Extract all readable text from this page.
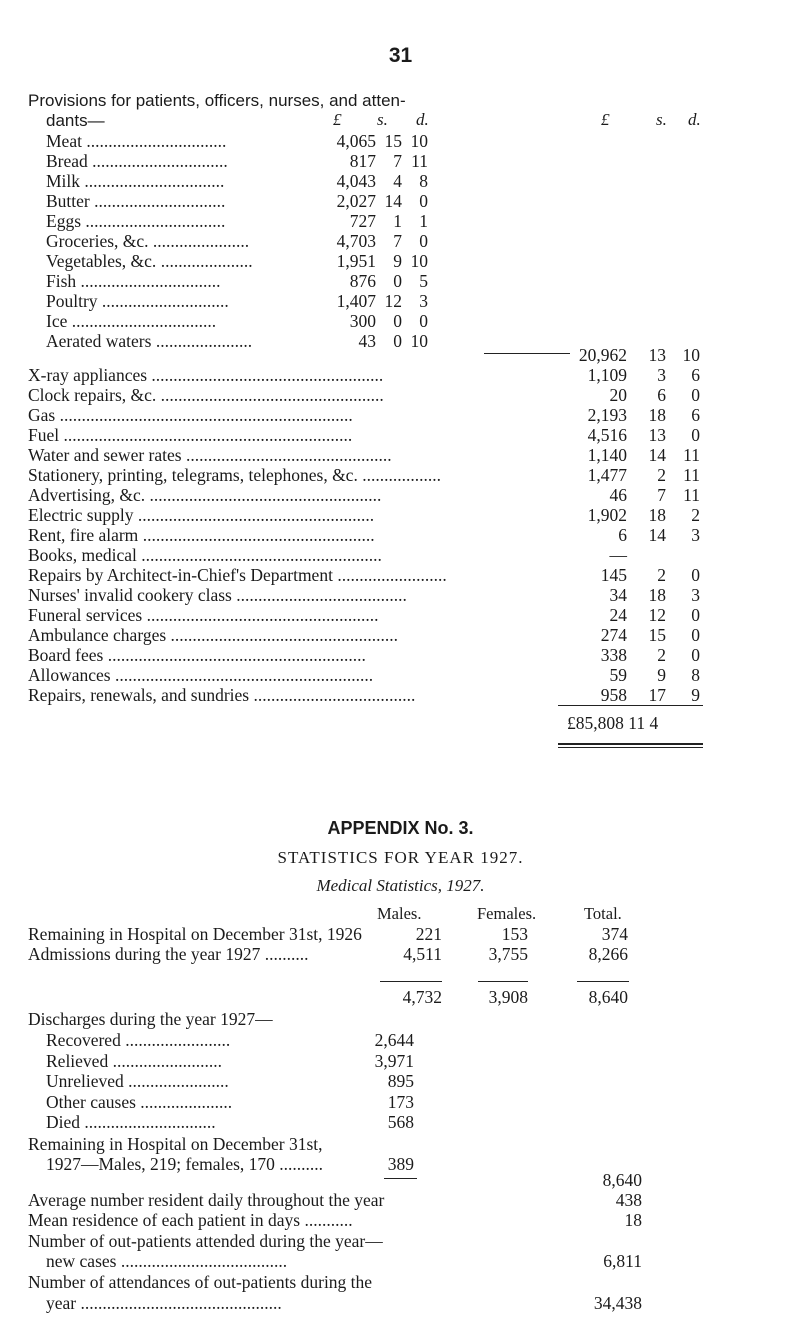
31
Provisions for patients, officers, nurses, and atten-
dants—	£ s. d.	£	s. d.
Meat ................................	4,065 15 10
Bread ...............................	817 7 11
Milk ................................	4,043 4 8
Butter ..............................	2,027 14 0
Eggs ................................	727 1 1
Groceries, &c. ......................	4,703 7 0
Vegetables, &c. .....................	1,951 9 10
Fish ................................	876 0 5
Poultry .............................	1,407 12 3
Ice .................................	300 0 0
Aerated waters ......................	43 0 10
20,962	13 10
X-ray appliances .....................................................	1,109	3	6
Clock repairs, &c. ...................................................	20	6	0
Gas ...................................................................	2,193	18	6
Fuel ..................................................................	4,516	13	0
Water and sewer rates ...............................................	1,140	14 11
Stationery, printing, telegrams, telephones, &c. ..................	1,477	2 11
Advertising, &c. .....................................................	46	7 11
Electric supply ......................................................	1,902	18	2
Rent, fire alarm .....................................................	6	14	3
Books, medical .......................................................	—
Repairs by Architect-in-Chief's Department .........................	145	2	0
Nurses' invalid cookery class .......................................	34	18	3
Funeral services .....................................................	24	12	0
Ambulance charges ....................................................	274	15	0
Board fees ...........................................................	338	2	0
Allowances ...........................................................	59	9	8
Repairs, renewals, and sundries .....................................	958	17	9
£85,808 11 4
APPENDIX No. 3.
STATISTICS FOR YEAR 1927.
Medical Statistics, 1927.
Males.	Females.	Total.
Remaining in Hospital on December 31st, 1926	221	153	374
Admissions during the year 1927 ..........	4,511	3,755	8,266
4,732	3,908	8,640
Discharges during the year 1927—
Recovered ........................	2,644
Relieved .........................	3,971
Unrelieved .......................	895
Other causes .....................	173
Died ..............................	568
Remaining in Hospital on December 31st,
1927—Males, 219; females, 170 ..........	389
8,640
Average number resident daily throughout the year	438
Mean residence of each patient in days ...........	18
Number of out-patients attended during the year—
new cases ......................................	6,811
Number of attendances of out-patients during the
year ..............................................	34,438
